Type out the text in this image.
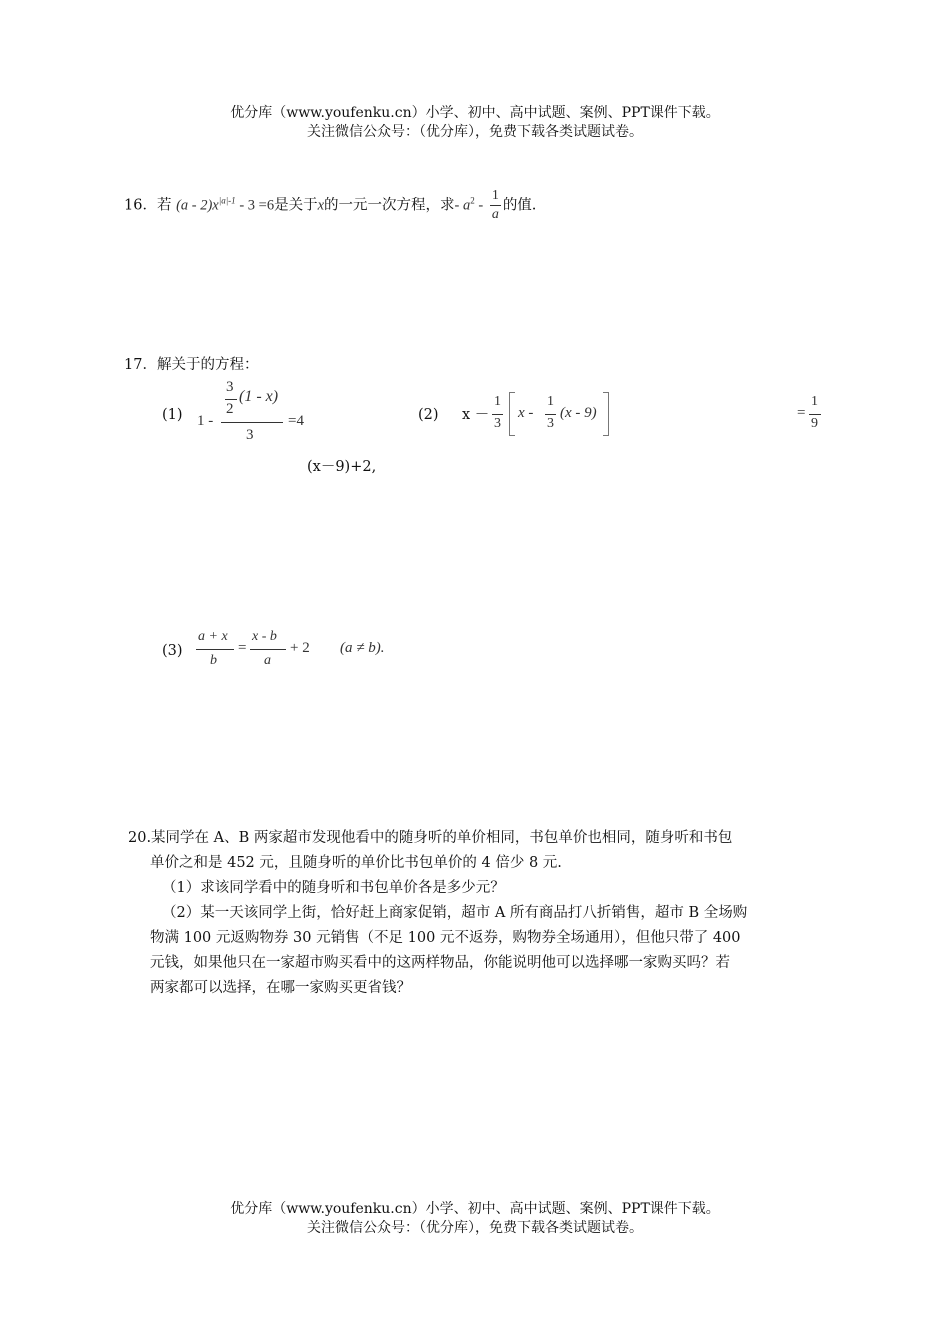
优分库（www.youfenku.cn）小学、初中、高中试题、案例、PPT课件下载。
关注微信公众号：（优分库），免费下载各类试题试卷。
16．若 $(a - 2)x^{|a|-1} - 3 =6$是关于x的一元一次方程，求- $a^2 - \frac{1}{a}$ 的值.
17．解关于的方程：
(1)
3
2
(1 - x)
1 -
3
=4	(2) x －
1
3
x -
1
3
(x - 9)	=
1
9
(x－9)+2,
(3)
a + x
b
=
x - b
a
+ 2 (a ≠ b).
20.某同学在 A、B 两家超市发现他看中的随身听的单价相同，书包单价也相同，随身听和书包
单价之和是 452 元，且随身听的单价比书包单价的 4 倍少 8 元.
（1）求该同学看中的随身听和书包单价各是多少元？
（2）某一天该同学上街，恰好赶上商家促销，超市 A 所有商品打八折销售，超市 B 全场购
物满 100 元返购物券 30 元销售（不足 100 元不返券，购物券全场通用），但他只带了 400
元钱，如果他只在一家超市购买看中的这两样物品，你能说明他可以选择哪一家购买吗？若
两家都可以选择，在哪一家购买更省钱？
优分库（www.youfenku.cn）小学、初中、高中试题、案例、PPT课件下载。
关注微信公众号：（优分库），免费下载各类试题试卷。
